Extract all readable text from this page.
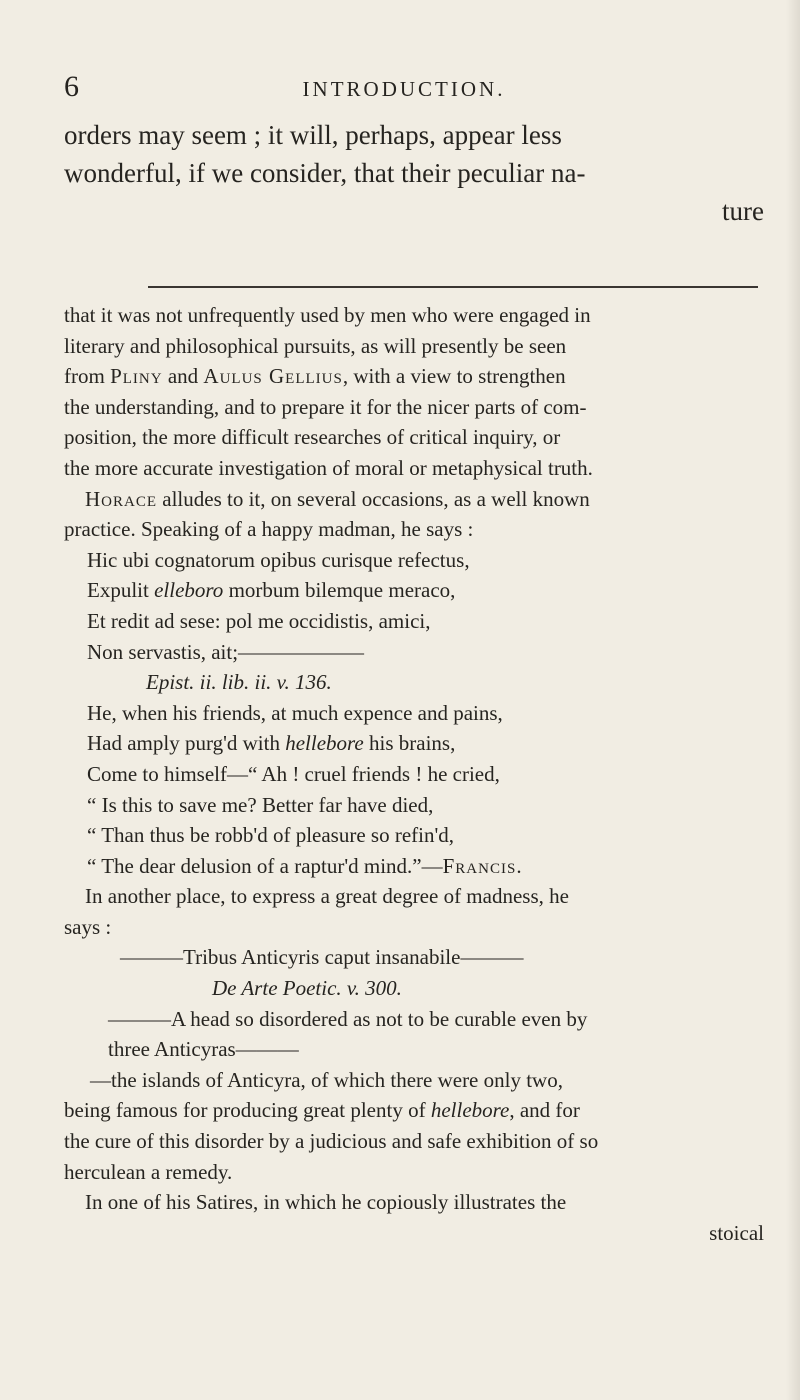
6	INTRODUCTION.
orders may seem ; it will, perhaps, appear less
wonderful, if we consider, that their peculiar na-
ture
that it was not unfrequently used by men who were engaged in
literary and philosophical pursuits, as will presently be seen
from Pliny and Aulus Gellius, with a view to strengthen
the understanding, and to prepare it for the nicer parts of com-
position, the more difficult researches of critical inquiry, or
the more accurate investigation of moral or metaphysical truth.
Horace alludes to it, on several occasions, as a well known
practice. Speaking of a happy madman, he says :
Hic ubi cognatorum opibus curisque refectus,
Expulit elleboro morbum bilemque meraco,
Et redit ad sese: pol me occidistis, amici,
Non servastis, ait;——————
Epist. ii. lib. ii. v. 136.
He, when his friends, at much expence and pains,
Had amply purg'd with hellebore his brains,
Come to himself—“ Ah ! cruel friends ! he cried,
“ Is this to save me? Better far have died,
“ Than thus be robb'd of pleasure so refin'd,
“ The dear delusion of a raptur'd mind.”—Francis.
In another place, to express a great degree of madness, he
says :
———Tribus Anticyris caput insanabile———
De Arte Poetic. v. 300.
———A head so disordered as not to be curable even by
three Anticyras———
—the islands of Anticyra, of which there were only two,
being famous for producing great plenty of hellebore, and for
the cure of this disorder by a judicious and safe exhibition of so
herculean a remedy.
In one of his Satires, in which he copiously illustrates the
stoical
